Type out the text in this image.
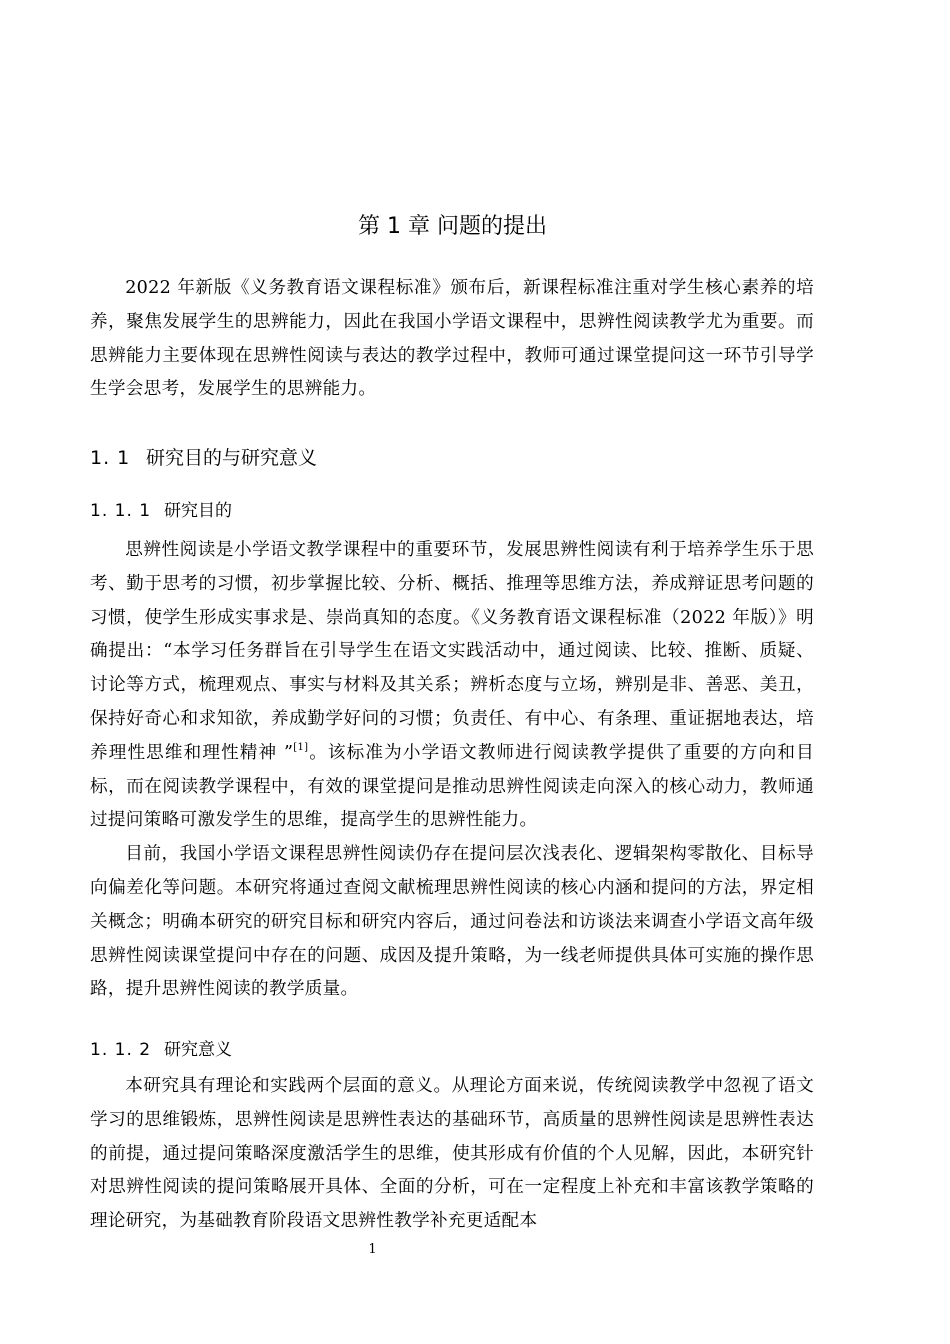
第 1 章 问题的提出

2022 年新版《义务教育语文课程标准》颁布后，新课程标准注重对学生核心素养的培养，聚焦发展学生的思辨能力，因此在我国小学语文课程中，思辨性阅读教学尤为重要。而思辨能力主要体现在思辨性阅读与表达的教学过程中，教师可通过课堂提问这一环节引导学生学会思考，发展学生的思辨能力。

1. 1 研究目的与研究意义
1. 1. 1 研究目的

思辨性阅读是小学语文教学课程中的重要环节，发展思辨性阅读有利于培养学生乐于思考、勤于思考的习惯，初步掌握比较、分析、概括、推理等思维方法，养成辩证思考问题的习惯，使学生形成实事求是、崇尚真知的态度。《义务教育语文课程标准（2022 年版）》明确提出：“本学习任务群旨在引导学生在语文实践活动中，通过阅读、比较、推断、质疑、讨论等方式，梳理观点、事实与材料及其关系；辨析态度与立场，辨别是非、善恶、美丑，保持好奇心和求知欲，养成勤学好问的习惯；负责任、有中心、有条理、重证据地表达，培养理性思维和理性精神 ”[1]。该标准为小学语文教师进行阅读教学提供了重要的方向和目标，而在阅读教学课程中，有效的课堂提问是推动思辨性阅读走向深入的核心动力，教师通过提问策略可激发学生的思维，提高学生的思辨性能力。

目前，我国小学语文课程思辨性阅读仍存在提问层次浅表化、逻辑架构零散化、目标导向偏差化等问题。本研究将通过查阅文献梳理思辨性阅读的核心内涵和提问的方法，界定相关概念；明确本研究的研究目标和研究内容后，通过问卷法和访谈法来调查小学语文高年级思辨性阅读课堂提问中存在的问题、成因及提升策略，为一线老师提供具体可实施的操作思路，提升思辨性阅读的教学质量。

1. 1. 2 研究意义

本研究具有理论和实践两个层面的意义。从理论方面来说，传统阅读教学中忽视了语文学习的思维锻炼，思辨性阅读是思辨性表达的基础环节，高质量的思辨性阅读是思辨性表达的前提，通过提问策略深度激活学生的思维，使其形成有价值的个人见解，因此，本研究针对思辨性阅读的提问策略展开具体、全面的分析，可在一定程度上补充和丰富该教学策略的理论研究，为基础教育阶段语文思辨性教学补充更适配本

1
